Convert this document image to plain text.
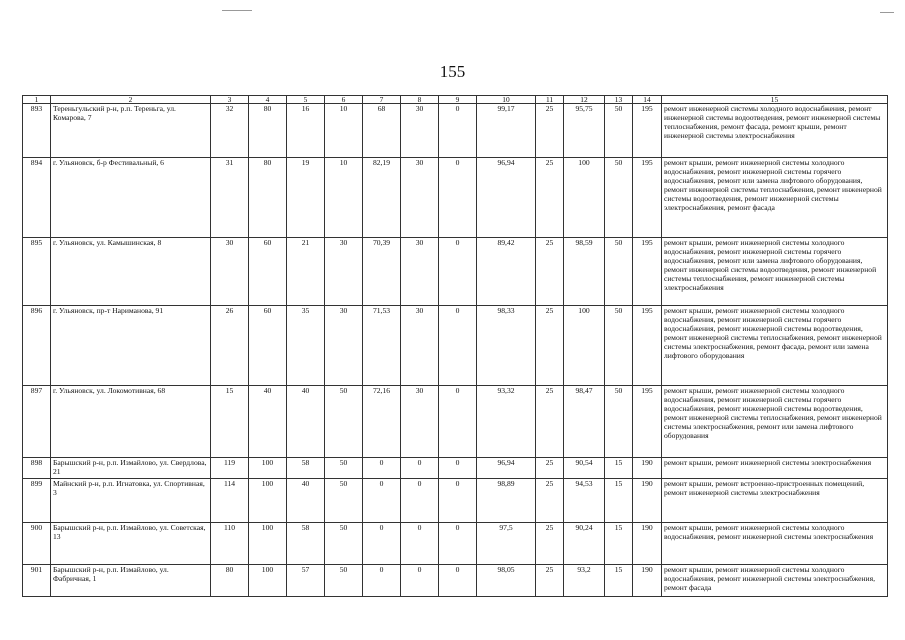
155
1	2	3	4	5	6	7	8	9	10	11	12	13	14	15
893	Тереньгульский р-н, р.п. Тереньга, ул. Комарова, 7	32	80	16	10	68	30	0	99,17	25	95,75	50	195	ремонт инженерной системы холодного водоснабжения, ремонт инженерной системы водоотведения, ремонт инженерной системы теплоснабжения, ремонт фасада, ремонт крыши, ремонт инженерной системы электроснабжения
894	г. Ульяновск, б-р Фестивальный, 6	31	80	19	10	82,19	30	0	96,94	25	100	50	195	ремонт крыши, ремонт инженерной системы холодного водоснабжения, ремонт инженерной системы горячего водоснабжения, ремонт или замена лифтового оборудования, ремонт инженерной системы теплоснабжения, ремонт инженерной системы водоотведения, ремонт инженерной системы электроснабжения, ремонт фасада
895	г. Ульяновск, ул. Камышинская, 8	30	60	21	30	70,39	30	0	89,42	25	98,59	50	195	ремонт крыши, ремонт инженерной системы холодного водоснабжения, ремонт инженерной системы горячего водоснабжения, ремонт или замена лифтового оборудования, ремонт инженерной системы водоотведения, ремонт инженерной системы теплоснабжения, ремонт инженерной системы электроснабжения
896	г. Ульяновск, пр-т Нариманова, 91	26	60	35	30	71,53	30	0	98,33	25	100	50	195	ремонт крыши, ремонт инженерной системы холодного водоснабжения, ремонт инженерной системы горячего водоснабжения, ремонт инженерной системы водоотведения, ремонт инженерной системы теплоснабжения, ремонт инженерной системы электроснабжения, ремонт фасада, ремонт или замена лифтового оборудования
897	г. Ульяновск, ул. Локомотивная, 68	15	40	40	50	72,16	30	0	93,32	25	98,47	50	195	ремонт крыши, ремонт инженерной системы холодного водоснабжения, ремонт инженерной системы горячего водоснабжения, ремонт инженерной системы водоотведения, ремонт инженерной системы теплоснабжения, ремонт инженерной системы электроснабжения, ремонт или замена лифтового оборудования
898	Барышский р-н, р.п. Измайлово, ул. Свердлова, 21	119	100	58	50	0	0	0	96,94	25	90,54	15	190	ремонт крыши, ремонт инженерной системы электроснабжения
899	Майнский р-н, р.п. Игнатовка, ул. Спортивная, 3	114	100	40	50	0	0	0	98,89	25	94,53	15	190	ремонт крыши, ремонт встроенно-пристроенных помещений, ремонт инженерной системы электроснабжения
900	Барышский р-н, р.п. Измайлово, ул. Советская, 13	110	100	58	50	0	0	0	97,5	25	90,24	15	190	ремонт крыши, ремонт инженерной системы холодного водоснабжения, ремонт инженерной системы электроснабжения
901	Барышский р-н, р.п. Измайлово, ул. Фабричная, 1	80	100	57	50	0	0	0	98,05	25	93,2	15	190	ремонт крыши, ремонт инженерной системы холодного водоснабжения, ремонт инженерной системы электроснабжения, ремонт фасада
